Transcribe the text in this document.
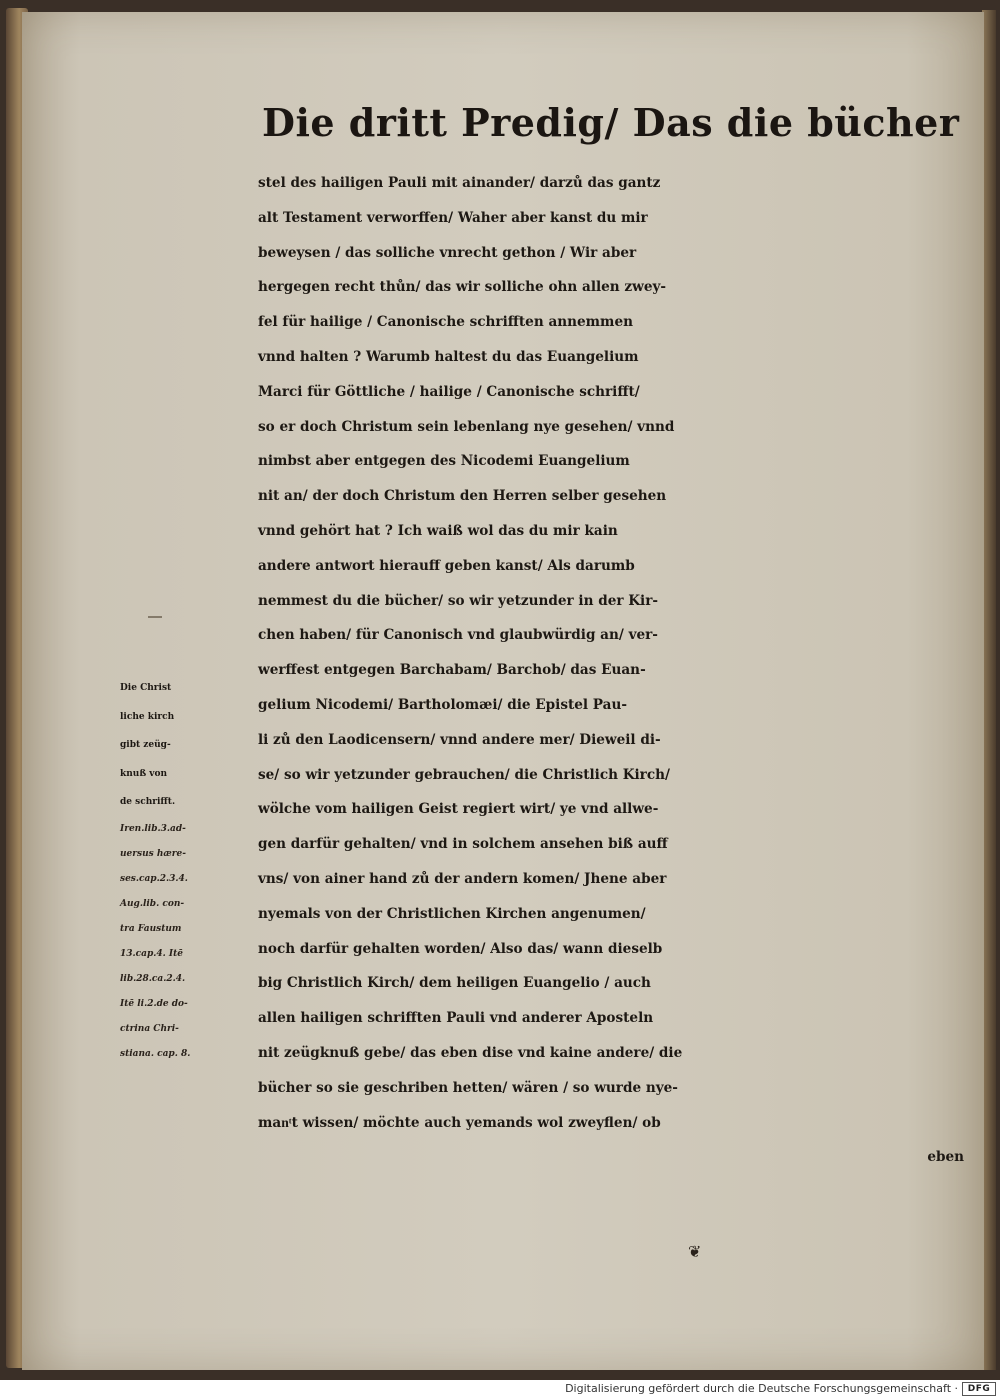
Die dritt Predig/ Das die bücher
stel des hailigen Pauli mit ainander/ darzů das gantz
alt Testament verworffen/ Waher aber kanst du mir
beweysen / das solliche vnrecht gethon / Wir aber
hergegen recht thůn/ das wir solliche ohn allen zwey-
fel für hailige / Canonische schrifften annemmen
vnnd halten ? Warumb haltest du das Euangelium
Marci für Göttliche / hailige / Canonische schrifft/
so er doch Christum sein lebenlang nye gesehen/ vnnd
nimbst aber entgegen des Nicodemi Euangelium
nit an/ der doch Christum den Herren selber gesehen
vnnd gehört hat ? Ich waiß wol das du mir kain
andere antwort hierauff geben kanst/ Als darumb
nemmest du die bücher/ so wir yetzunder in der Kir-
chen haben/ für Canonisch vnd glaubwürdig an/ ver-
werffest entgegen Barchabam/ Barchob/ das Euan-
gelium Nicodemi/ Bartholomæi/ die Epistel Pau-
li zů den Laodicensern/ vnnd andere mer/ Dieweil di-
se/ so wir yetzunder gebrauchen/ die Christlich Kirch/
wölche vom hailigen Geist regiert wirt/ ye vnd allwe-
gen darfür gehalten/ vnd in solchem ansehen biß auff
vns/ von ainer hand zů der andern komen/ Jhene aber
nyemals von der Christlichen Kirchen angenumen/
noch darfür gehalten worden/ Also das/ wann dieselb
big Christlich Kirch/ dem heiligen Euangelio / auch
allen hailigen schrifften Pauli vnd anderer Aposteln
nit zeügknuß gebe/ das eben dise vnd kaine andere/ die
bücher so sie geschriben hetten/ wären / so wurde nye-
manͭt wissen/ möchte auch yemands wol zweyflen/ ob
eben
Die Christ
liche kirch
gibt zeüg-
knuß von
de schrifft.
Iren.lib.3.ad-
uersus hære-
ses.cap.2.3.4.
Aug.lib. con-
tra Faustum
13.cap.4. Itē
lib.28.ca.2.4.
Itē li.2.de do-
ctrina Chri-
stiana. cap. 8.
❦
Digitalisierung gefördert durch die Deutsche Forschungsgemeinschaft ·	DFG
